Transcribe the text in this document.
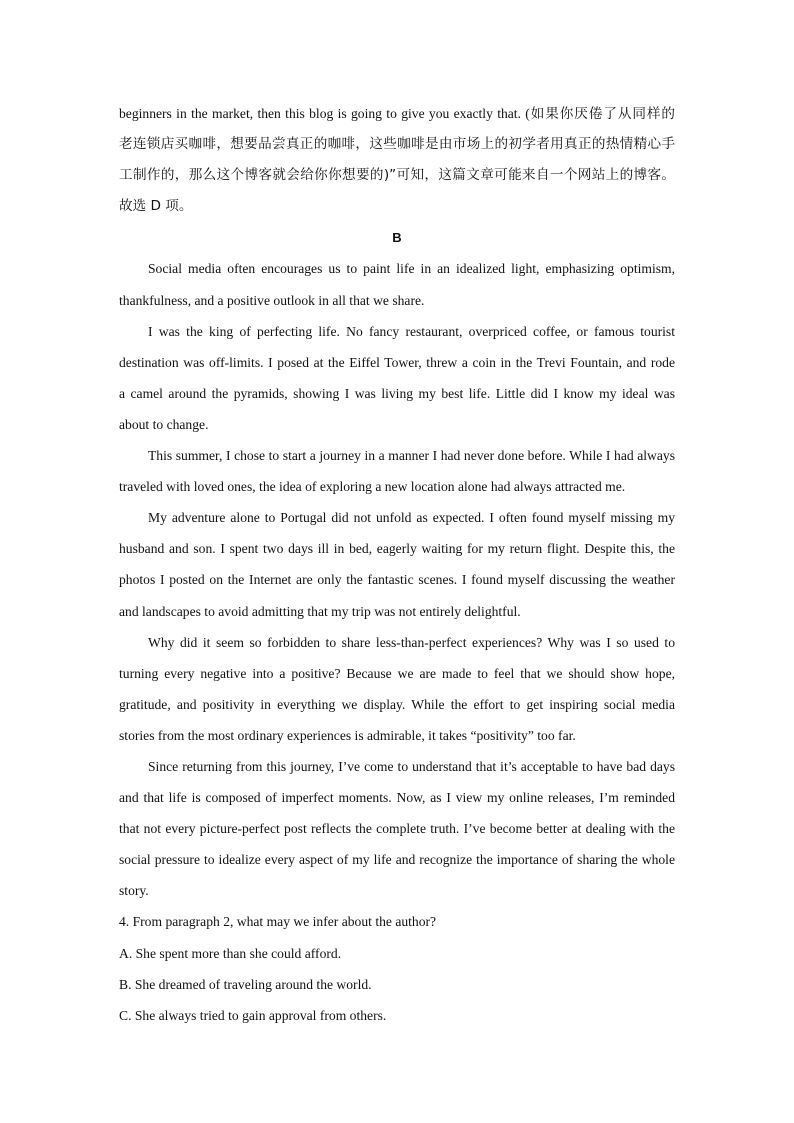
beginners in the market, then this blog is going to give you exactly that. (如果你厌倦了从同样的
老连锁店买咖啡，想要品尝真正的咖啡，这些咖啡是由市场上的初学者用真正的热情精心手
工制作的，那么这个博客就会给你你想要的)”可知，这篇文章可能来自一个网站上的博客。
故选 D 项。
B
Social media often encourages us to paint life in an idealized light, emphasizing optimism,
thankfulness, and a positive outlook in all that we share.
I was the king of perfecting life. No fancy restaurant, overpriced coffee, or famous tourist
destination was off-limits. I posed at the Eiffel Tower, threw a coin in the Trevi Fountain, and rode
a camel around the pyramids, showing I was living my best life. Little did I know my ideal was
about to change.
This summer, I chose to start a journey in a manner I had never done before. While I had always
traveled with loved ones, the idea of exploring a new location alone had always attracted me.
My adventure alone to Portugal did not unfold as expected. I often found myself missing my
husband and son. I spent two days ill in bed, eagerly waiting for my return flight. Despite this, the
photos I posted on the Internet are only the fantastic scenes. I found myself discussing the weather
and landscapes to avoid admitting that my trip was not entirely delightful.
Why did it seem so forbidden to share less-than-perfect experiences? Why was I so used to
turning every negative into a positive? Because we are made to feel that we should show hope,
gratitude, and positivity in everything we display. While the effort to get inspiring social media
stories from the most ordinary experiences is admirable, it takes “positivity” too far.
Since returning from this journey, I’ve come to understand that it’s acceptable to have bad days
and that life is composed of imperfect moments. Now, as I view my online releases, I’m reminded
that not every picture-perfect post reflects the complete truth. I’ve become better at dealing with the
social pressure to idealize every aspect of my life and recognize the importance of sharing the whole
story.
4. From paragraph 2, what may we infer about the author?
A. She spent more than she could afford.
B. She dreamed of traveling around the world.
C. She always tried to gain approval from others.
